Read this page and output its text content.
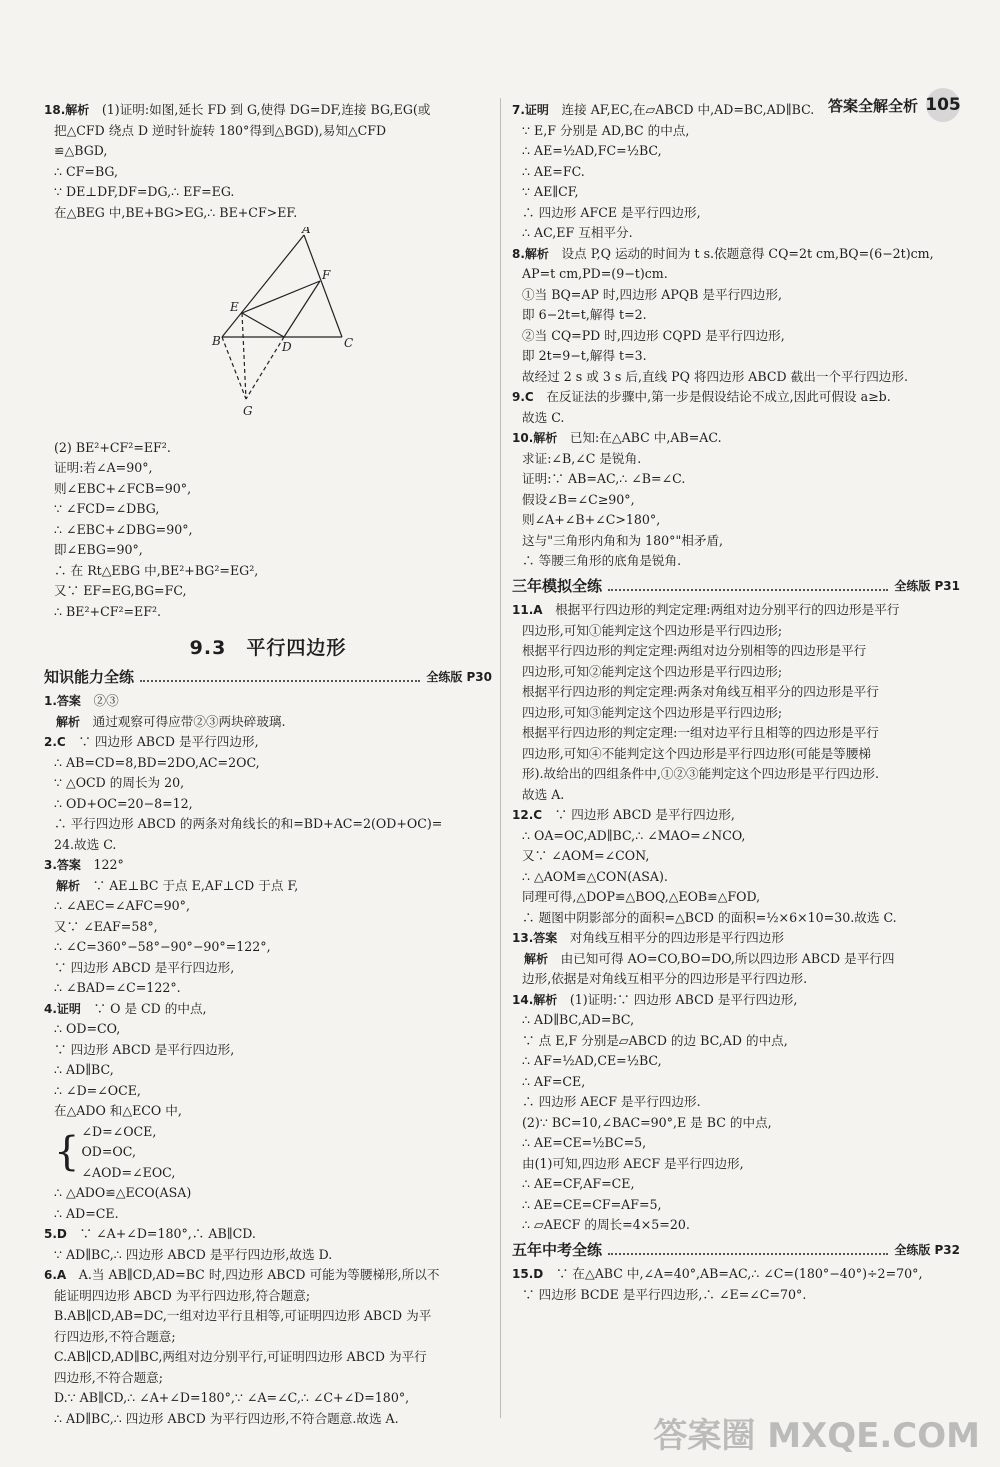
答案全解全析 105
18.解析　(1)证明:如图,延长 FD 到 G,使得 DG=DF,连接 BG,EG(或
把△CFD 绕点 D 逆时针旋转 180°得到△BGD),易知△CFD
≌△BGD,
∴ CF=BG,
∵ DE⊥DF,DF=DG,∴ EF=EG.
在△BEG 中,BE+BG>EG,∴ BE+CF>EF.
A
B	C
D
E
F
G
(2) BE²+CF²=EF².
证明:若∠A=90°,
则∠EBC+∠FCB=90°,
∵ ∠FCD=∠DBG,
∴ ∠EBC+∠DBG=90°,
即∠EBG=90°,
∴ 在 Rt△EBG 中,BE²+BG²=EG²,
又∵ EF=EG,BG=FC,
∴ BE²+CF²=EF².
9.3　平行四边形
知识能力全练	全练版 P30
1.答案　②③
　解析　通过观察可得应带②③两块碎玻璃.
2.C　∵ 四边形 ABCD 是平行四边形,
∴ AB=CD=8,BD=2DO,AC=2OC,
∵ △OCD 的周长为 20,
∴ OD+OC=20−8=12,
∴ 平行四边形 ABCD 的两条对角线长的和=BD+AC=2(OD+OC)=
24.故选 C.
3.答案　122°
　解析　∵ AE⊥BC 于点 E,AF⊥CD 于点 F,
∴ ∠AEC=∠AFC=90°,
又∵ ∠EAF=58°,
∴ ∠C=360°−58°−90°−90°=122°,
∵ 四边形 ABCD 是平行四边形,
∴ ∠BAD=∠C=122°.
4.证明　∵ O 是 CD 的中点,
∴ OD=CO,
∵ 四边形 ABCD 是平行四边形,
∴ AD∥BC,
∴ ∠D=∠OCE,
在△ADO 和△ECO 中,
{ ∠D=∠OCE,
OD=OC,
∠AOD=∠EOC,
∴ △ADO≌△ECO(ASA)
∴ AD=CE.
5.D　∵ ∠A+∠D=180°,∴ AB∥CD.
∵ AD∥BC,∴ 四边形 ABCD 是平行四边形,故选 D.
6.A　A.当 AB∥CD,AD=BC 时,四边形 ABCD 可能为等腰梯形,所以不
能证明四边形 ABCD 为平行四边形,符合题意;
B.AB∥CD,AB=DC,一组对边平行且相等,可证明四边形 ABCD 为平
行四边形,不符合题意;
C.AB∥CD,AD∥BC,两组对边分别平行,可证明四边形 ABCD 为平行
四边形,不符合题意;
D.∵ AB∥CD,∴ ∠A+∠D=180°,∵ ∠A=∠C,∴ ∠C+∠D=180°,
∴ AD∥BC,∴ 四边形 ABCD 为平行四边形,不符合题意.故选 A.
7.证明　连接 AF,EC,在▱ABCD 中,AD=BC,AD∥BC.
∵ E,F 分别是 AD,BC 的中点,
∴ AE=½AD,FC=½BC,
∴ AE=FC.
∵ AE∥CF,
∴ 四边形 AFCE 是平行四边形,
∴ AC,EF 互相平分.
8.解析　设点 P,Q 运动的时间为 t s.依题意得 CQ=2t cm,BQ=(6−2t)cm,
AP=t cm,PD=(9−t)cm.
①当 BQ=AP 时,四边形 APQB 是平行四边形,
即 6−2t=t,解得 t=2.
②当 CQ=PD 时,四边形 CQPD 是平行四边形,
即 2t=9−t,解得 t=3.
故经过 2 s 或 3 s 后,直线 PQ 将四边形 ABCD 截出一个平行四边形.
9.C　在反证法的步骤中,第一步是假设结论不成立,因此可假设 a≥b.
故选 C.
10.解析　已知:在△ABC 中,AB=AC.
求证:∠B,∠C 是锐角.
证明:∵ AB=AC,∴ ∠B=∠C.
假设∠B=∠C≥90°,
则∠A+∠B+∠C>180°,
这与"三角形内角和为 180°"相矛盾,
∴ 等腰三角形的底角是锐角.
三年模拟全练	全练版 P31
11.A　根据平行四边形的判定定理:两组对边分别平行的四边形是平行
四边形,可知①能判定这个四边形是平行四边形;
根据平行四边形的判定定理:两组对边分别相等的四边形是平行
四边形,可知②能判定这个四边形是平行四边形;
根据平行四边形的判定定理:两条对角线互相平分的四边形是平行
四边形,可知③能判定这个四边形是平行四边形;
根据平行四边形的判定定理:一组对边平行且相等的四边形是平行
四边形,可知④不能判定这个四边形是平行四边形(可能是等腰梯
形).故给出的四组条件中,①②③能判定这个四边形是平行四边形.
故选 A.
12.C　∵ 四边形 ABCD 是平行四边形,
∴ OA=OC,AD∥BC,∴ ∠MAO=∠NCO,
又∵ ∠AOM=∠CON,
∴ △AOM≌△CON(ASA).
同理可得,△DOP≌△BOQ,△EOB≌△FOD,
∴ 题图中阴影部分的面积=△BCD 的面积=½×6×10=30.故选 C.
13.答案　对角线互相平分的四边形是平行四边形
　解析　由已知可得 AO=CO,BO=DO,所以四边形 ABCD 是平行四
边形,依据是对角线互相平分的四边形是平行四边形.
14.解析　(1)证明:∵ 四边形 ABCD 是平行四边形,
∴ AD∥BC,AD=BC,
∵ 点 E,F 分别是▱ABCD 的边 BC,AD 的中点,
∴ AF=½AD,CE=½BC,
∴ AF=CE,
∴ 四边形 AECF 是平行四边形.
(2)∵ BC=10,∠BAC=90°,E 是 BC 的中点,
∴ AE=CE=½BC=5,
由(1)可知,四边形 AECF 是平行四边形,
∴ AE=CF,AF=CE,
∴ AE=CE=CF=AF=5,
∴ ▱AECF 的周长=4×5=20.
五年中考全练	全练版 P32
15.D　∵ 在△ABC 中,∠A=40°,AB=AC,∴ ∠C=(180°−40°)÷2=70°,
∵ 四边形 BCDE 是平行四边形,∴ ∠E=∠C=70°.
答案圈 MXQE.COM
